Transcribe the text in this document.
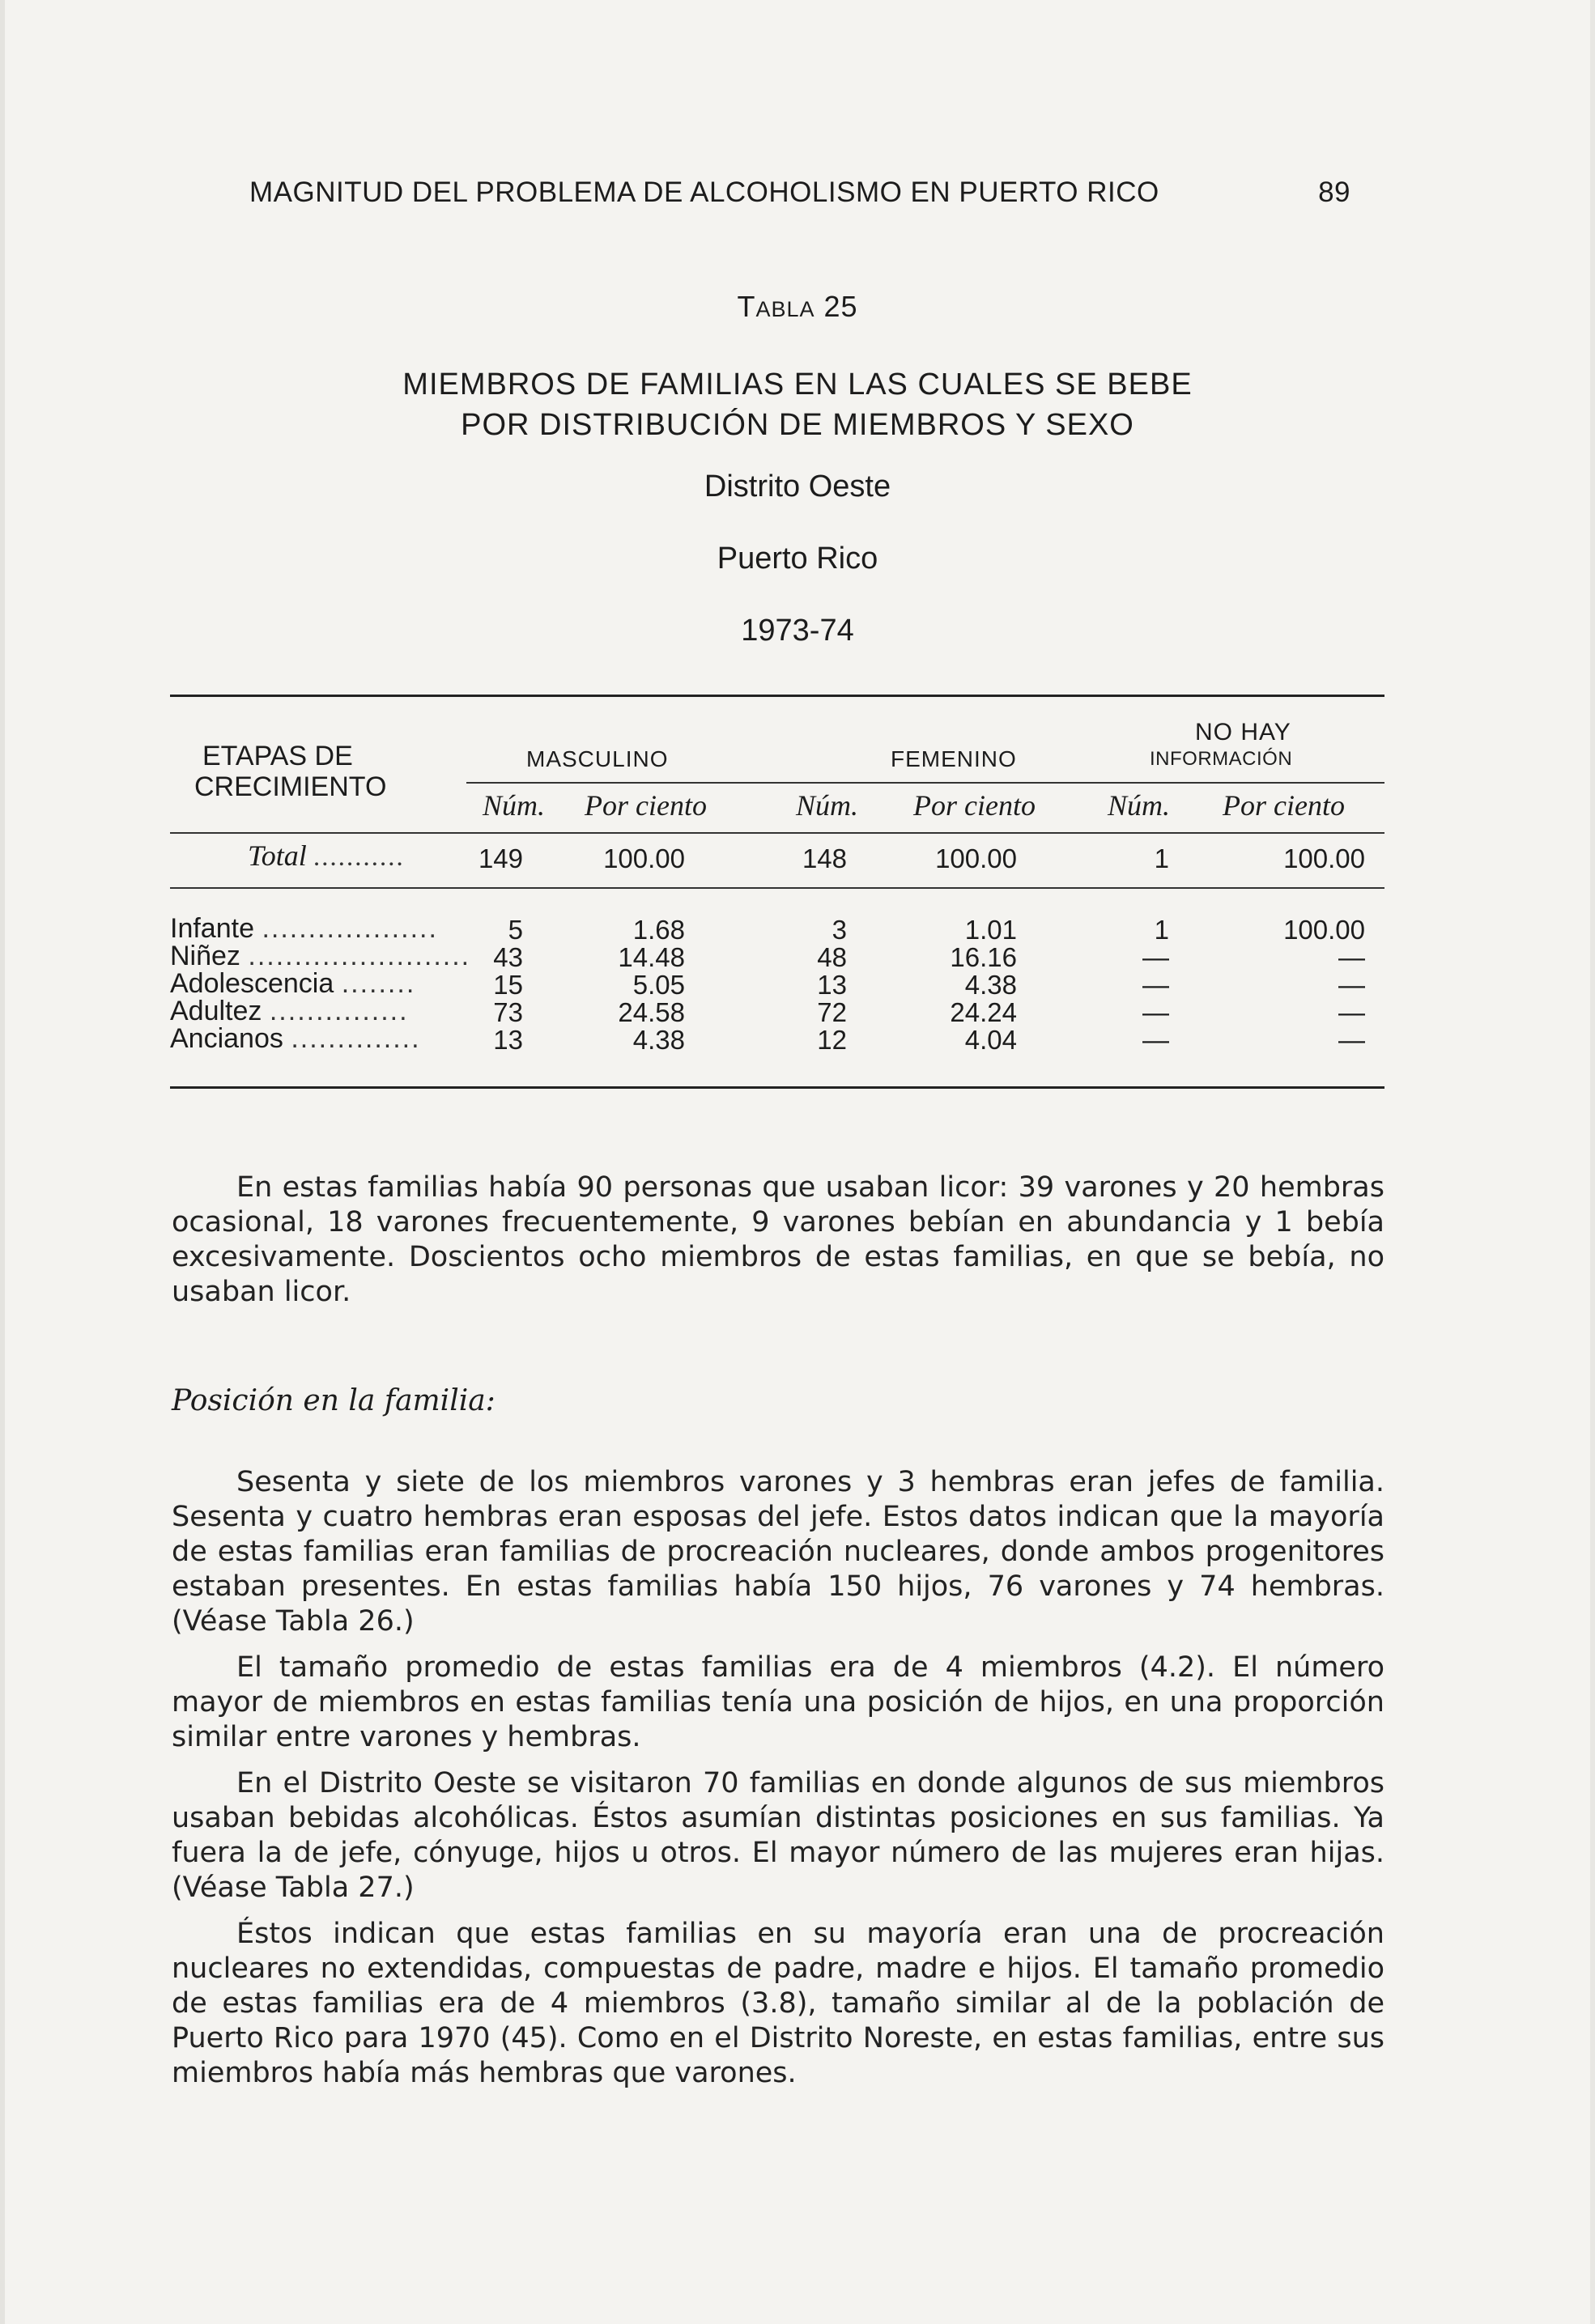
MAGNITUD DEL PROBLEMA DE ALCOHOLISMO EN PUERTO RICO	89
TABLA 25
MIEMBROS DE FAMILIAS EN LAS CUALES SE BEBE
POR DISTRIBUCIÓN DE MIEMBROS Y SEXO
Distrito Oeste
Puerto Rico
1973-74
ETAPAS DE
CRECIMIENTO
MASCULINO	FEMENINO
NO HAY
INFORMACIÓN
Núm. Por ciento	Núm. Por ciento Núm. Por ciento
Total ...........	149	100.00	148	100.00	1	100.00
Infante ...................	5	1.68	3	1.01	1	100.00
Niñez ........................ 43	14.48	48	16.16	—	—
Adolescencia ........	15	5.05	13	4.38	—	—
Adultez ...............	73	24.58	72	24.24	—	—
Ancianos ..............	13	4.38	12	4.04	—	—

En estas familias había 90 personas que usaban licor: 39 varones y 20 hembras ocasional, 18 varones frecuentemente, 9 varones bebían en abundancia y 1 bebía excesivamente. Doscientos ocho miembros de estas familias, en que se bebía, no usaban licor.

Posición en la familia:

Sesenta y siete de los miembros varones y 3 hembras eran jefes de familia. Sesenta y cuatro hembras eran esposas del jefe. Estos datos indican que la mayoría de estas familias eran familias de procreación nucleares, donde ambos progenitores estaban presentes. En estas familias había 150 hijos, 76 varones y 74 hembras. (Véase Tabla 26.)

El tamaño promedio de estas familias era de 4 miembros (4.2). El número mayor de miembros en estas familias tenía una posición de hijos, en una proporción similar entre varones y hembras.

En el Distrito Oeste se visitaron 70 familias en donde algunos de sus miembros usaban bebidas alcohólicas. Éstos asumían distintas posiciones en sus familias. Ya fuera la de jefe, cónyuge, hijos u otros. El mayor número de las mujeres eran hijas. (Véase Tabla 27.)

Éstos indican que estas familias en su mayoría eran una de procreación nucleares no extendidas, compuestas de padre, madre e hijos. El tamaño promedio de estas familias era de 4 miembros (3.8), tamaño similar al de la población de Puerto Rico para 1970 (45). Como en el Distrito Noreste, en estas familias, entre sus miembros había más hembras que varones.
